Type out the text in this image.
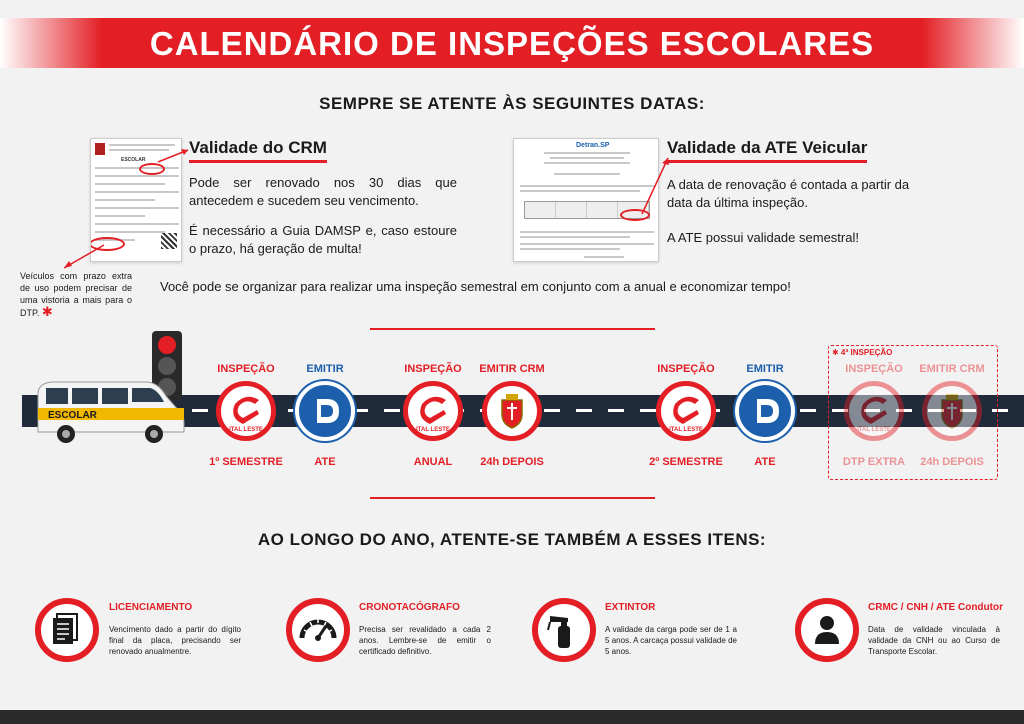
CALENDÁRIO DE INSPEÇÕES ESCOLARES
SEMPRE SE ATENTE ÀS SEGUINTES DATAS:
ESCOLAR
Validade do CRM
Pode ser renovado nos 30 dias que antecedem e sucedem seu vencimento.
É necessário a Guia DAMSP e, caso estoure o prazo, há geração de multa!
Detran.SP	Validade da ATE Veicular
A data de renovação é contada a partir da data da última inspeção.
A ATE possui validade semestral!
Veículos com prazo extra de uso podem precisar de uma vistoria a mais para o DTP. ✱
Você pode se organizar para realizar uma inspeção semestral em conjunto com a anual e economizar tempo!
ESCOLAR
✱ 4ª INSPEÇÃO
INSPEÇÃO
ITAL LESTE
1º SEMESTRE
EMITIR
ATE
INSPEÇÃO
ITAL LESTE
ANUAL
EMITIR CRM
24h DEPOIS
INSPEÇÃO
ITAL LESTE
2º SEMESTRE
EMITIR
ATE
INSPEÇÃO
ITAL LESTE
DTP EXTRA
EMITIR CRM
24h DEPOIS
AO LONGO DO ANO, ATENTE-SE TAMBÉM A ESSES ITENS:
LICENCIAMENTO
Vencimento dado a partir do dígito final da placa, precisando ser renovado anualmentre.
CRONOTACÓGRAFO
Precisa ser revalidado a cada 2 anos. Lembre-se de emitir o certificado definitivo.
EXTINTOR
A validade da carga pode ser de 1 a 5 anos. A carcaça possui validade de 5 anos.
CRMC / CNH / ATE Condutor
Data de validade vinculada à validade da CNH ou ao Curso de Transporte Escolar.
